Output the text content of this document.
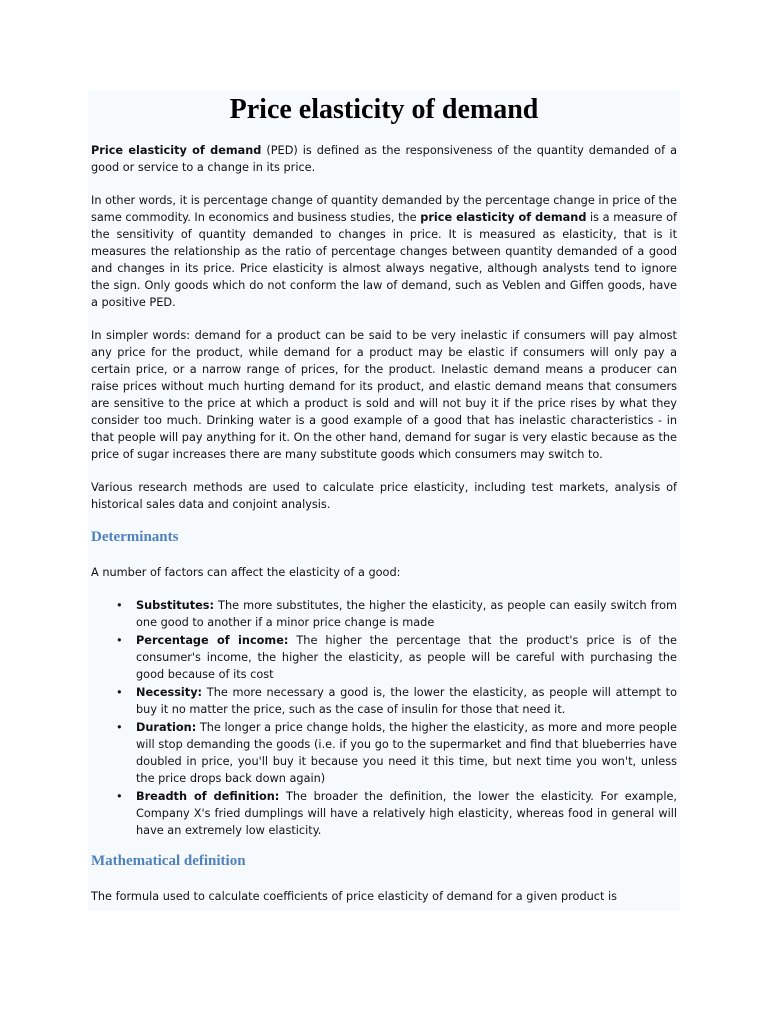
Price elasticity of demand

Price elasticity of demand (PED) is defined as the responsiveness of the quantity demanded of a good or service to a change in its price.

In other words, it is percentage change of quantity demanded by the percentage change in price of the same commodity. In economics and business studies, the price elasticity of demand is a measure of the sensitivity of quantity demanded to changes in price. It is measured as elasticity, that is it measures the relationship as the ratio of percentage changes between quantity demanded of a good and changes in its price. Price elasticity is almost always negative, although analysts tend to ignore the sign. Only goods which do not conform the law of demand, such as Veblen and Giffen goods, have a positive PED.

In simpler words: demand for a product can be said to be very inelastic if consumers will pay almost any price for the product, while demand for a product may be elastic if consumers will only pay a certain price, or a narrow range of prices, for the product. Inelastic demand means a producer can raise prices without much hurting demand for its product, and elastic demand means that consumers are sensitive to the price at which a product is sold and will not buy it if the price rises by what they consider too much. Drinking water is a good example of a good that has inelastic characteristics - in that people will pay anything for it. On the other hand, demand for sugar is very elastic because as the price of sugar increases there are many substitute goods which consumers may switch to.

Various research methods are used to calculate price elasticity, including test markets, analysis of historical sales data and conjoint analysis.

Determinants

A number of factors can affect the elasticity of a good:

• Substitutes: The more substitutes, the higher the elasticity, as people can easily switch from one good to another if a minor price change is made
• Percentage of income: The higher the percentage that the product's price is of the consumer's income, the higher the elasticity, as people will be careful with purchasing the good because of its cost
• Necessity: The more necessary a good is, the lower the elasticity, as people will attempt to buy it no matter the price, such as the case of insulin for those that need it.
• Duration: The longer a price change holds, the higher the elasticity, as more and more people will stop demanding the goods (i.e. if you go to the supermarket and find that blueberries have doubled in price, you'll buy it because you need it this time, but next time you won't, unless the price drops back down again)
• Breadth of definition: The broader the definition, the lower the elasticity. For example, Company X's fried dumplings will have a relatively high elasticity, whereas food in general will have an extremely low elasticity.
Mathematical definition

The formula used to calculate coefficients of price elasticity of demand for a given product is
